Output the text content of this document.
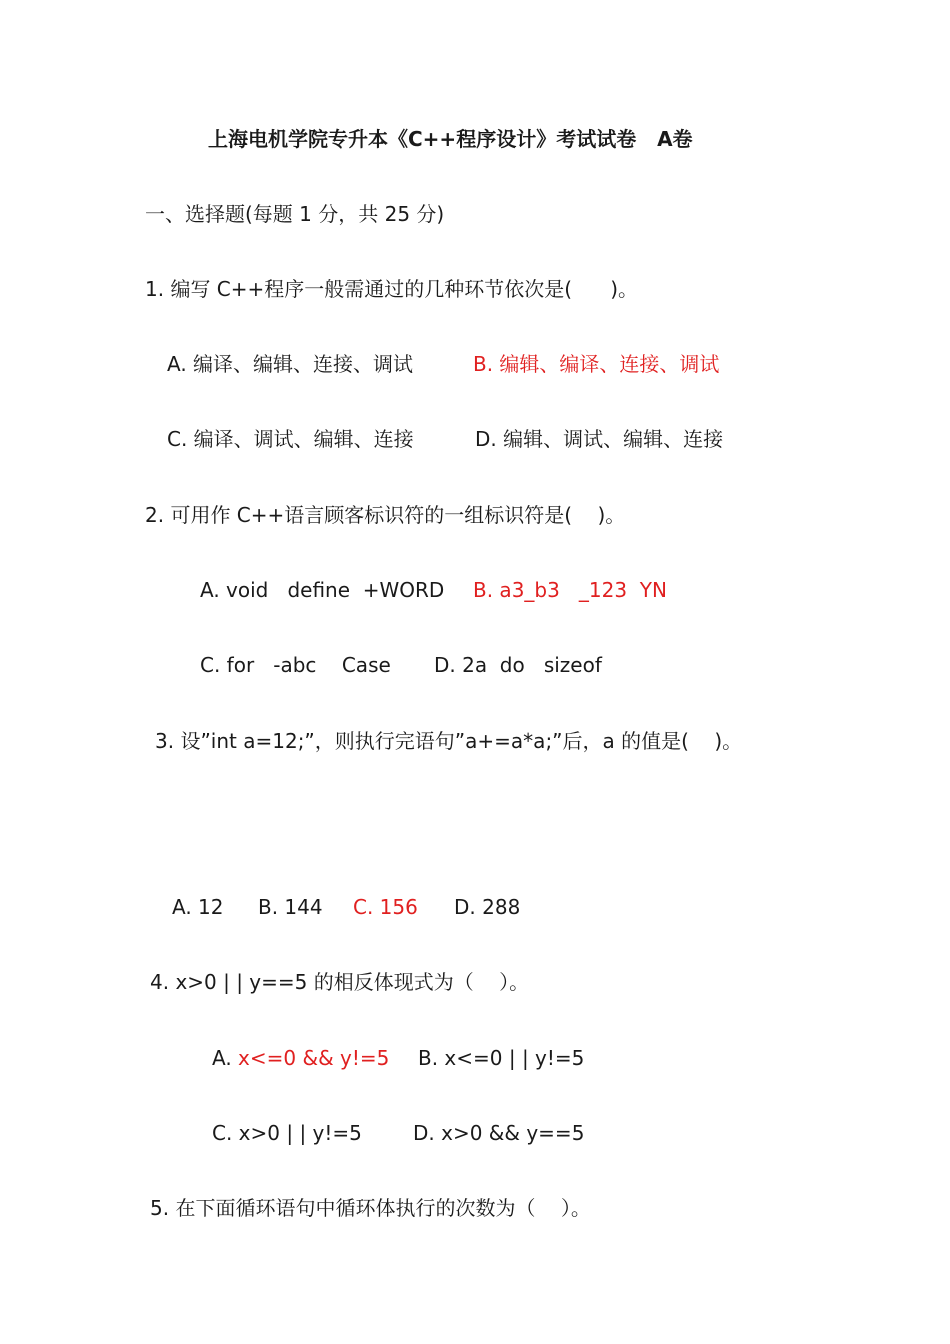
上海电机学院专升本《C++程序设计》考试试卷   A卷
一、选择题(每题 1 分，共 25 分)
1. 编写 C++程序一般需通过的几种环节依次是(      )。
A. 编译、编辑、连接、调试	B. 编辑、编译、连接、调试
C. 编译、调试、编辑、连接	D. 编辑、调试、编辑、连接
2. 可用作 C++语言顾客标识符的一组标识符是(    )。
A. void   define  +WORD B. a3_b3   _123  YN
C. for   -abc    Case D. 2a  do   sizeof
3. 设”int a=12;”，则执行完语句”a+=a*a;”后，a 的值是(    )。
A. 12 B. 144 C. 156 D. 288
4. x>0 | | y==5 的相反体现式为（    ）。
A. x<=0 && y!=5 B. x<=0 | | y!=5
C. x>0 | | y!=5	D. x>0 && y==5
5. 在下面循环语句中循环体执行的次数为（    ）。
